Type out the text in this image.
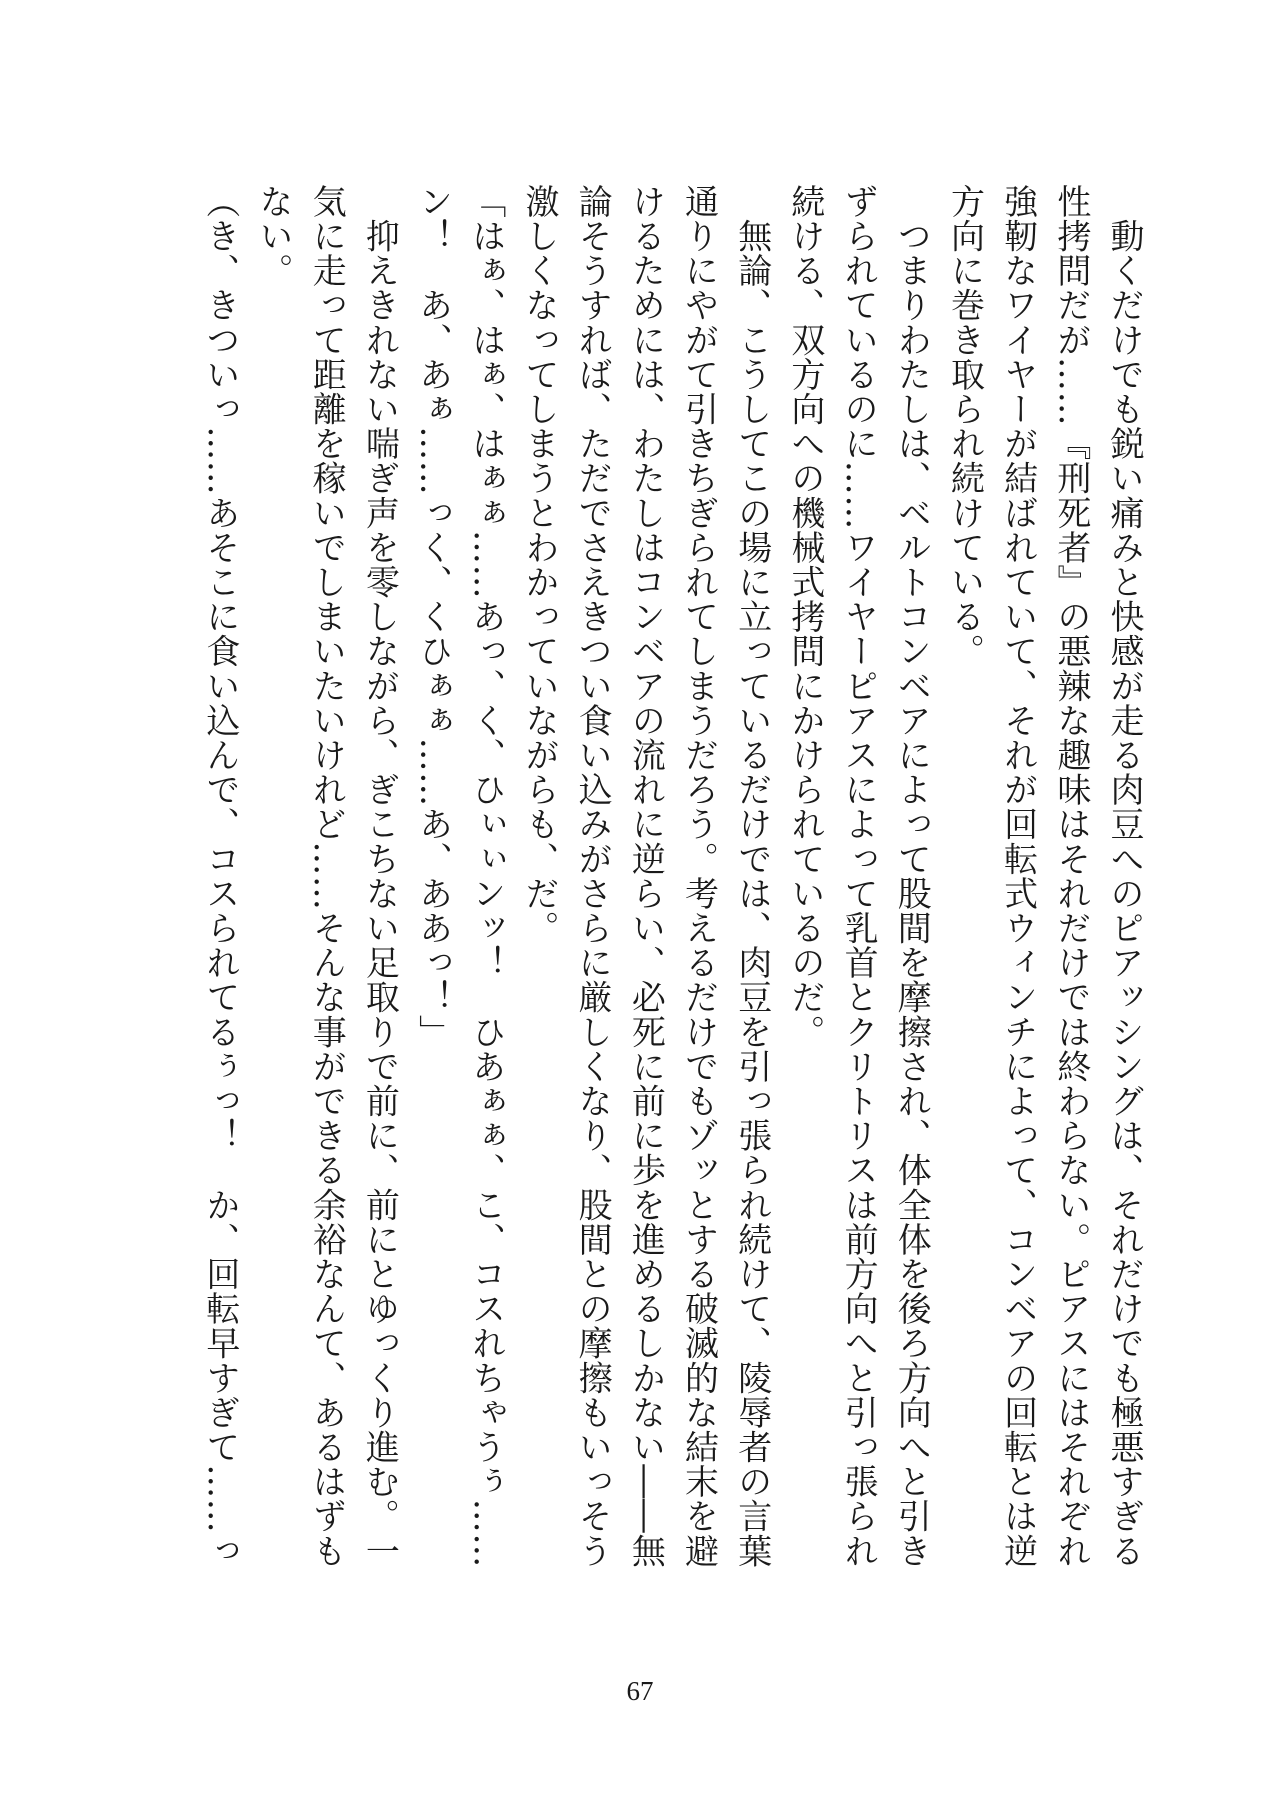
　動くだけでも鋭い痛みと快感が走る肉豆へのピアッシングは、それだけでも極悪すぎる
性拷問だが……『刑死者』の悪辣な趣味はそれだけでは終わらない。ピアスにはそれぞれ
強靭なワイヤーが結ばれていて、それが回転式ウィンチによって、コンベアの回転とは逆
方向に巻き取られ続けている。
　つまりわたしは、ベルトコンベアによって股間を摩擦され、体全体を後ろ方向へと引き
ずられているのに……ワイヤーピアスによって乳首とクリトリスは前方向へと引っ張られ
続ける、双方向への機械式拷問にかけられているのだ。
　無論、こうしてこの場に立っているだけでは、肉豆を引っ張られ続けて、陵辱者の言葉
通りにやがて引きちぎられてしまうだろう。考えるだけでもゾッとする破滅的な結末を避
けるためには、わたしはコンベアの流れに逆らい、必死に前に歩を進めるしかない――無
論そうすれば、ただでさえきつい食い込みがさらに厳しくなり、股間との摩擦もいっそう
激しくなってしまうとわかっていながらも、だ。
「はぁ、はぁ、はぁぁ……あっ、く、ひぃぃンッ！　ひあぁぁ、こ、コスれちゃうぅ……
ン！　あ、あぁ……っく、くひぁぁ……あ、ああっ！」
　抑えきれない喘ぎ声を零しながら、ぎこちない足取りで前に、前にとゆっくり進む。一
気に走って距離を稼いでしまいたいけれど……そんな事ができる余裕なんて、あるはずも
ない。
（き、きついっ……あそこに食い込んで、コスられてるぅっ！　か、回転早すぎて……っ
67
